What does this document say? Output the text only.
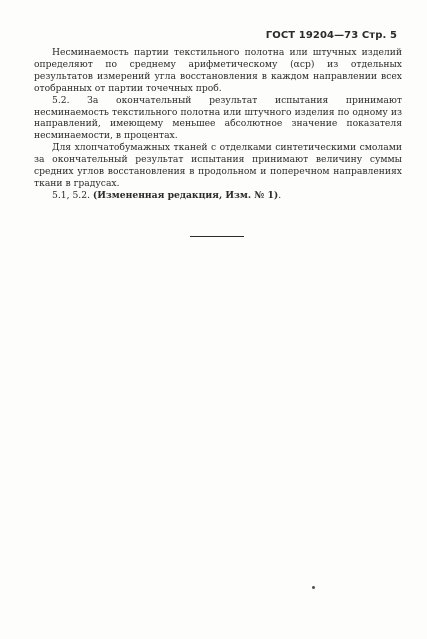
ГОСТ 19204—73 Стр. 5

Несминаемость партии текстильного полотна или штучных изделий определяют по среднему арифметическому (αср) из отдельных результатов измерений угла восстановления в каждом направлении всех отобранных от партии точечных проб.

5.2. За окончательный результат испытания принимают несминаемость текстильного полотна или штучного изделия по одному из направлений, имеющему меньшее абсолютное значение показателя несминаемости, в процентах.

Для хлопчатобумажных тканей с отделками синтетическими смолами за окончательный результат испытания принимают величину суммы средних углов восстановления в продольном и поперечном направлениях ткани в градусах.

5.1, 5.2. (Измененная редакция, Изм. № 1).
